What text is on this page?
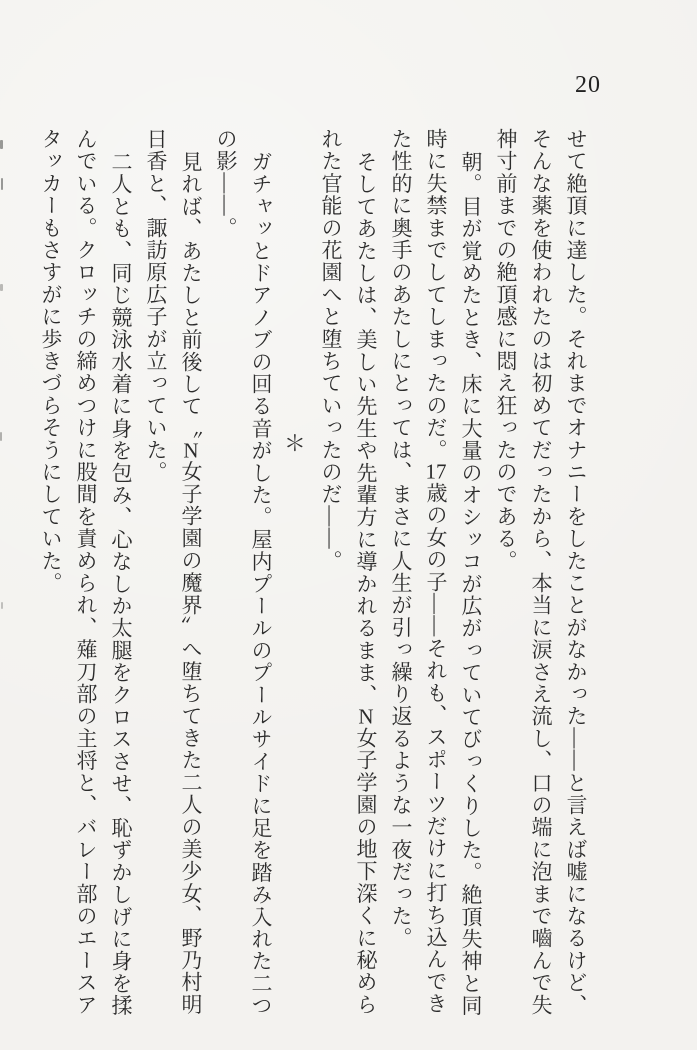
20
せて絶頂に達した。それまでオナニーをしたことがなかった——と言えば嘘になるけど、
そんな薬を使われたのは初めてだったから、本当に涙さえ流し、口の端に泡まで嚙んで失
神寸前までの絶頂感に悶え狂ったのである。
朝。目が覚めたとき、床に大量のオシッコが広がっていてびっくりした。絶頂失神と同
時に失禁までしてしまったのだ。17歳の女の子——それも、スポーツだけに打ち込んでき
た性的に奥手のあたしにとっては、まさに人生が引っ繰り返るような一夜だった。
そしてあたしは、美しい先生や先輩方に導かれるまま、N女子学園の地下深くに秘めら
れた官能の花園へと堕ちていったのだ——。
＊
ガチャッとドアノブの回る音がした。屋内プールのプールサイドに足を踏み入れた二つ
の影——。
見れば、あたしと前後して〝N女子学園の魔界〞へ堕ちてきた二人の美少女、野乃村明
日香と、諏訪原広子が立っていた。
二人とも、同じ競泳水着に身を包み、心なしか太腿をクロスさせ、恥ずかしげに身を揉
んでいる。クロッチの締めつけに股間を責められ、薙刀部の主将と、バレー部のエースア
タッカーもさすがに歩きづらそうにしていた。
